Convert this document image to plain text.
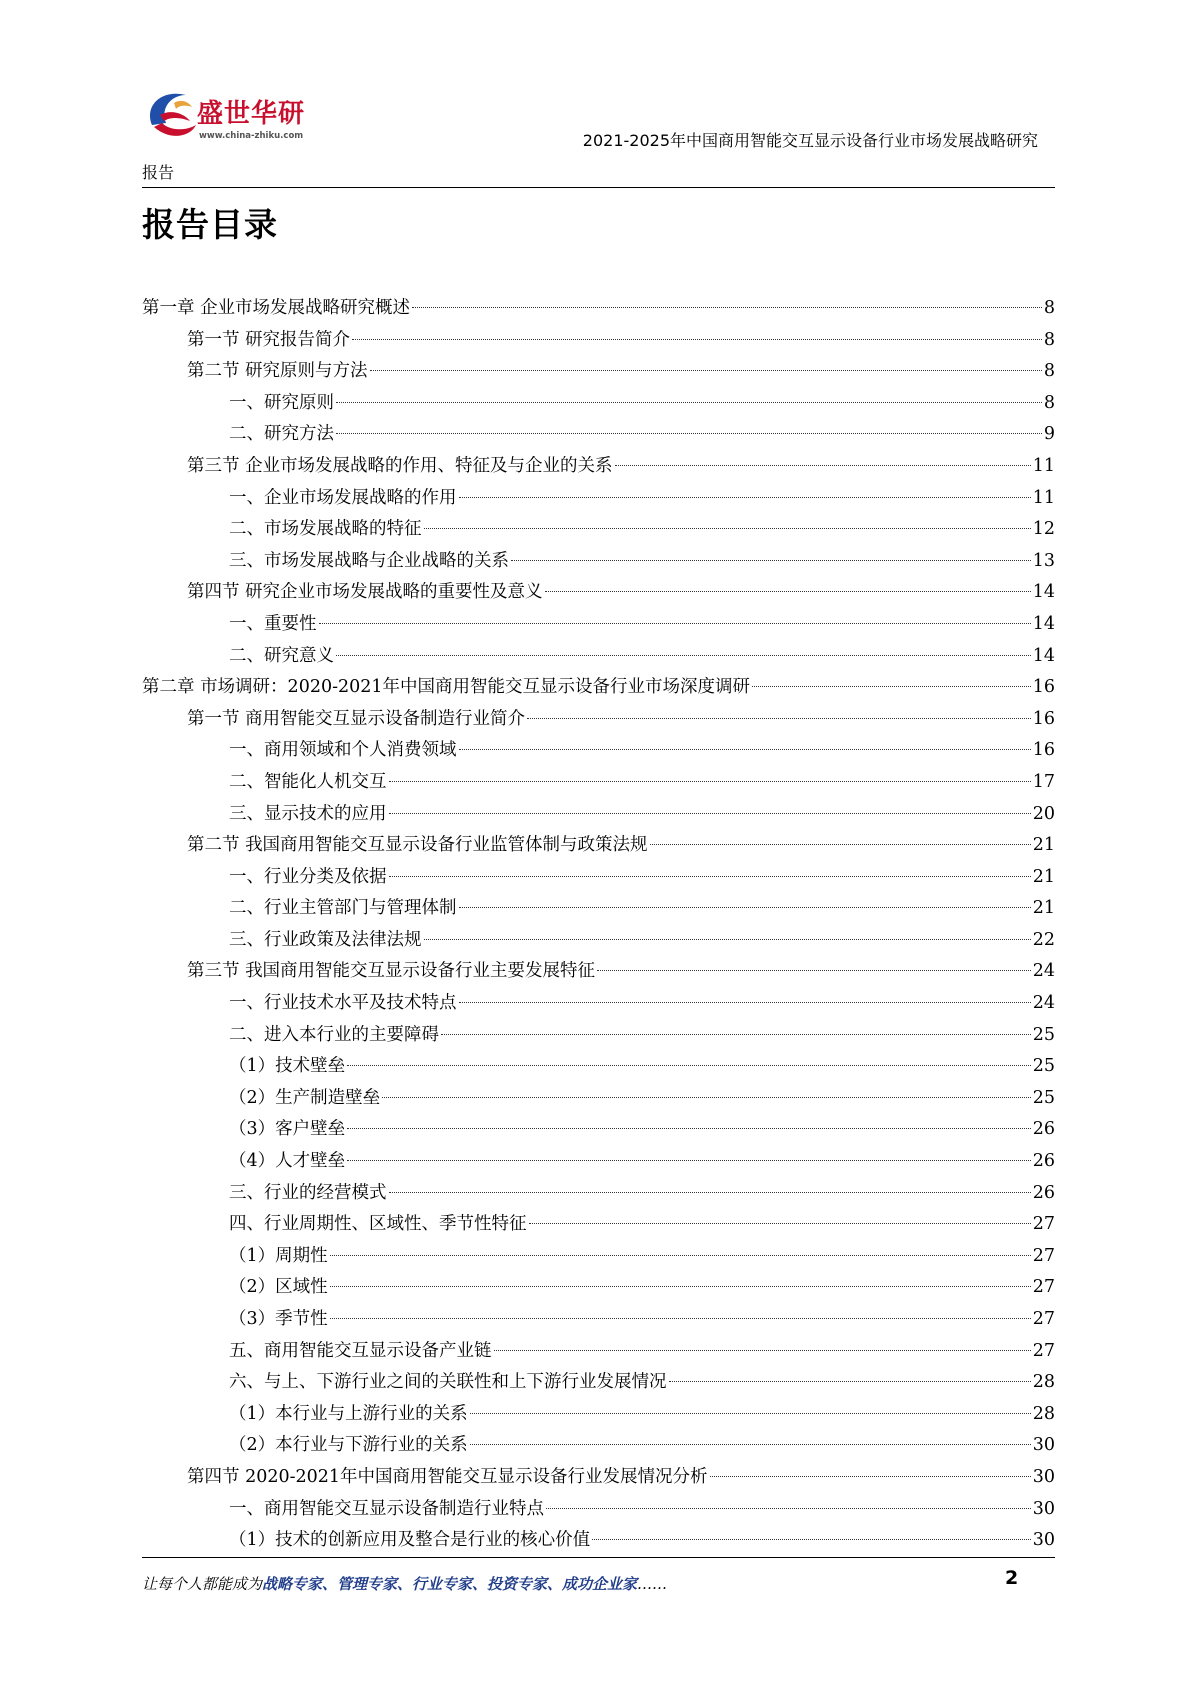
盛世华研
www.china-zhiku.com	2021-2025年中国商用智能交互显示设备行业市场发展战略研究
报告
报告目录
第一章 企业市场发展战略研究概述	8
第一节 研究报告简介	8
第二节 研究原则与方法	8
一、研究原则	8
二、研究方法	9
第三节 企业市场发展战略的作用、特征及与企业的关系	11
一、企业市场发展战略的作用	11
二、市场发展战略的特征	12
三、市场发展战略与企业战略的关系	13
第四节 研究企业市场发展战略的重要性及意义	14
一、重要性	14
二、研究意义	14
第二章 市场调研：2020-2021年中国商用智能交互显示设备行业市场深度调研	16
第一节 商用智能交互显示设备制造行业简介	16
一、商用领域和个人消费领域	16
二、智能化人机交互	17
三、显示技术的应用	20
第二节 我国商用智能交互显示设备行业监管体制与政策法规	21
一、行业分类及依据	21
二、行业主管部门与管理体制	21
三、行业政策及法律法规	22
第三节 我国商用智能交互显示设备行业主要发展特征	24
一、行业技术水平及技术特点	24
二、进入本行业的主要障碍	25
（1）技术壁垒	25
（2）生产制造壁垒	25
（3）客户壁垒	26
（4）人才壁垒	26
三、行业的经营模式	26
四、行业周期性、区域性、季节性特征	27
（1）周期性	27
（2）区域性	27
（3）季节性	27
五、商用智能交互显示设备产业链	27
六、与上、下游行业之间的关联性和上下游行业发展情况	28
（1）本行业与上游行业的关系	28
（2）本行业与下游行业的关系	30
第四节 2020-2021年中国商用智能交互显示设备行业发展情况分析	30
一、商用智能交互显示设备制造行业特点	30
（1）技术的创新应用及整合是行业的核心价值	30
让每个人都能成为战略专家、管理专家、行业专家、投资专家、成功企业家……	2
